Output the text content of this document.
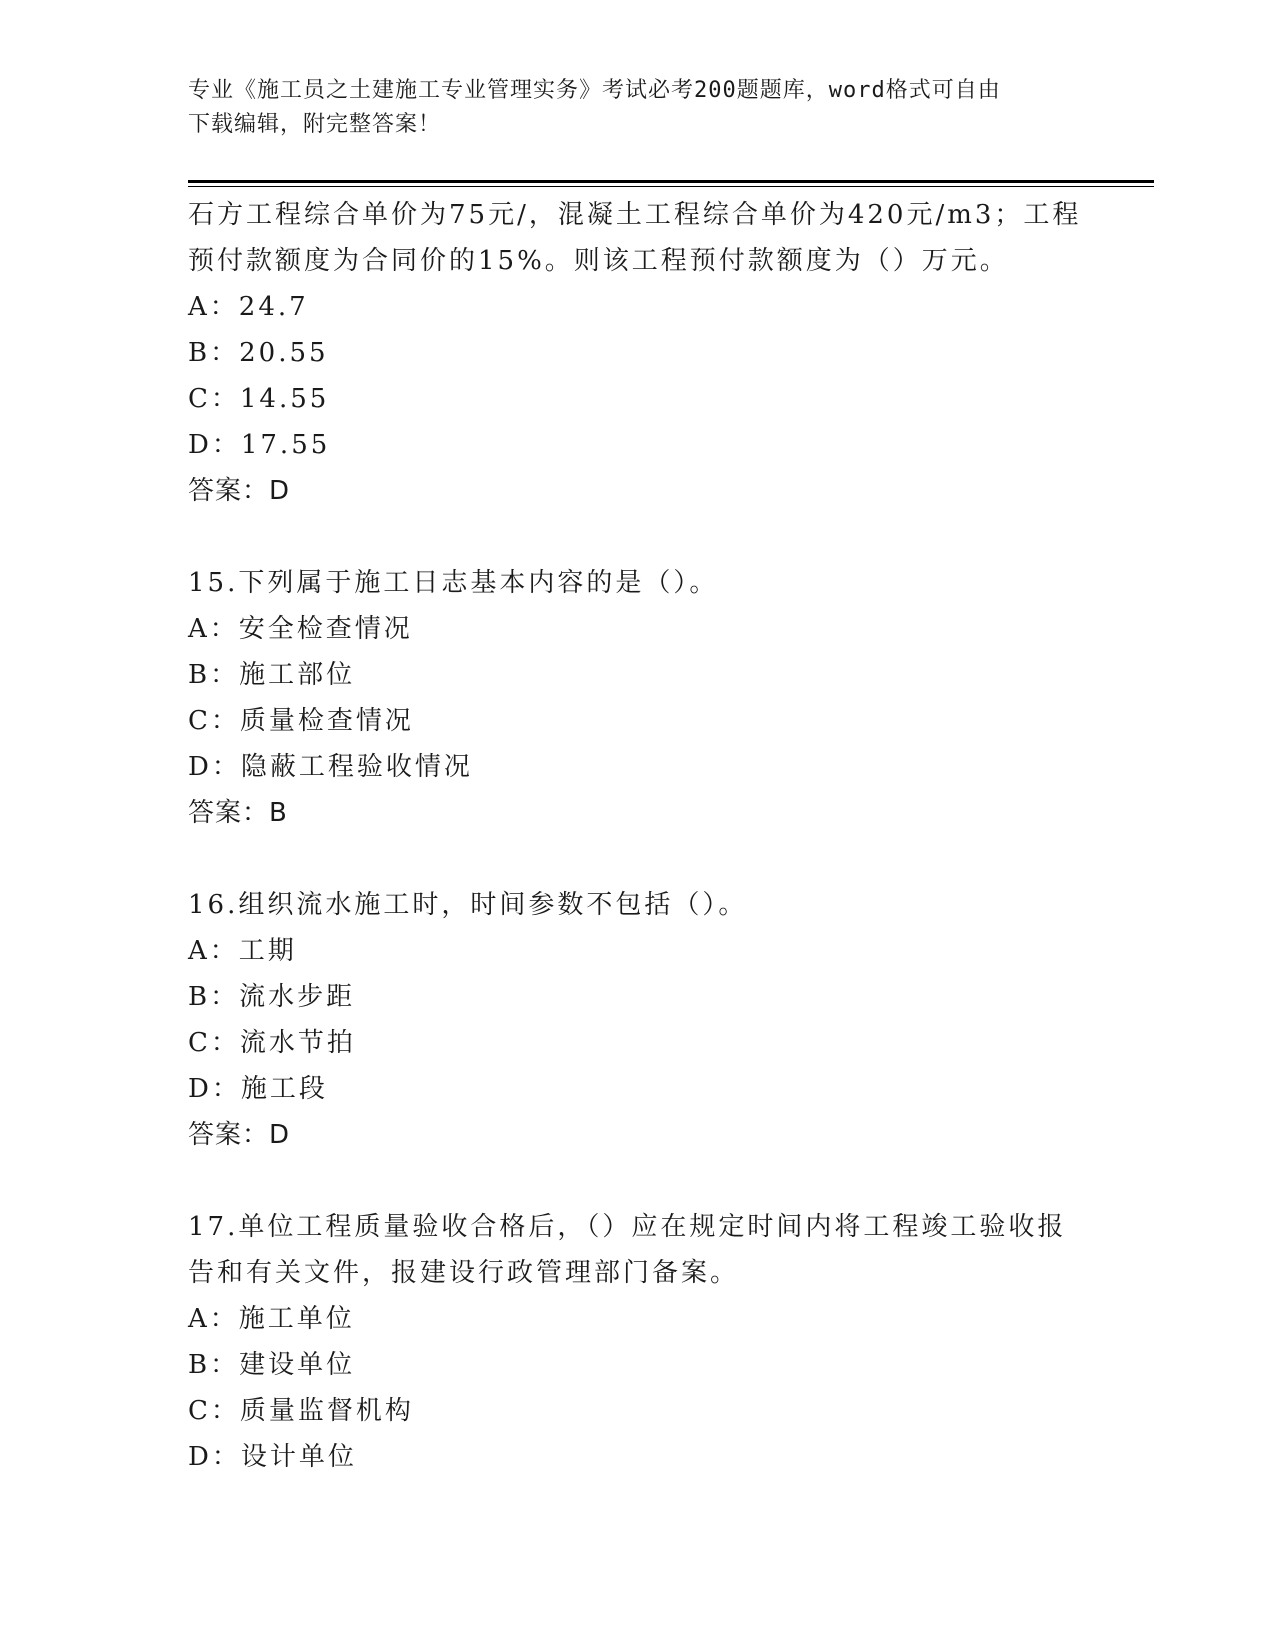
专业《施工员之土建施工专业管理实务》考试必考200题题库，word格式可自由
下载编辑，附完整答案！
石方工程综合单价为75元/，混凝土工程综合单价为420元/m3；工程
预付款额度为合同价的15%。则该工程预付款额度为（）万元。
A：24.7
B：20.55
C：14.55
D：17.55
答案：D
15.下列属于施工日志基本内容的是（）。
A：安全检查情况
B：施工部位
C：质量检查情况
D：隐蔽工程验收情况
答案：B
16.组织流水施工时，时间参数不包括（）。
A：工期
B：流水步距
C：流水节拍
D：施工段
答案：D
17.单位工程质量验收合格后，（）应在规定时间内将工程竣工验收报
告和有关文件，报建设行政管理部门备案。
A：施工单位
B：建设单位
C：质量监督机构
D：设计单位
